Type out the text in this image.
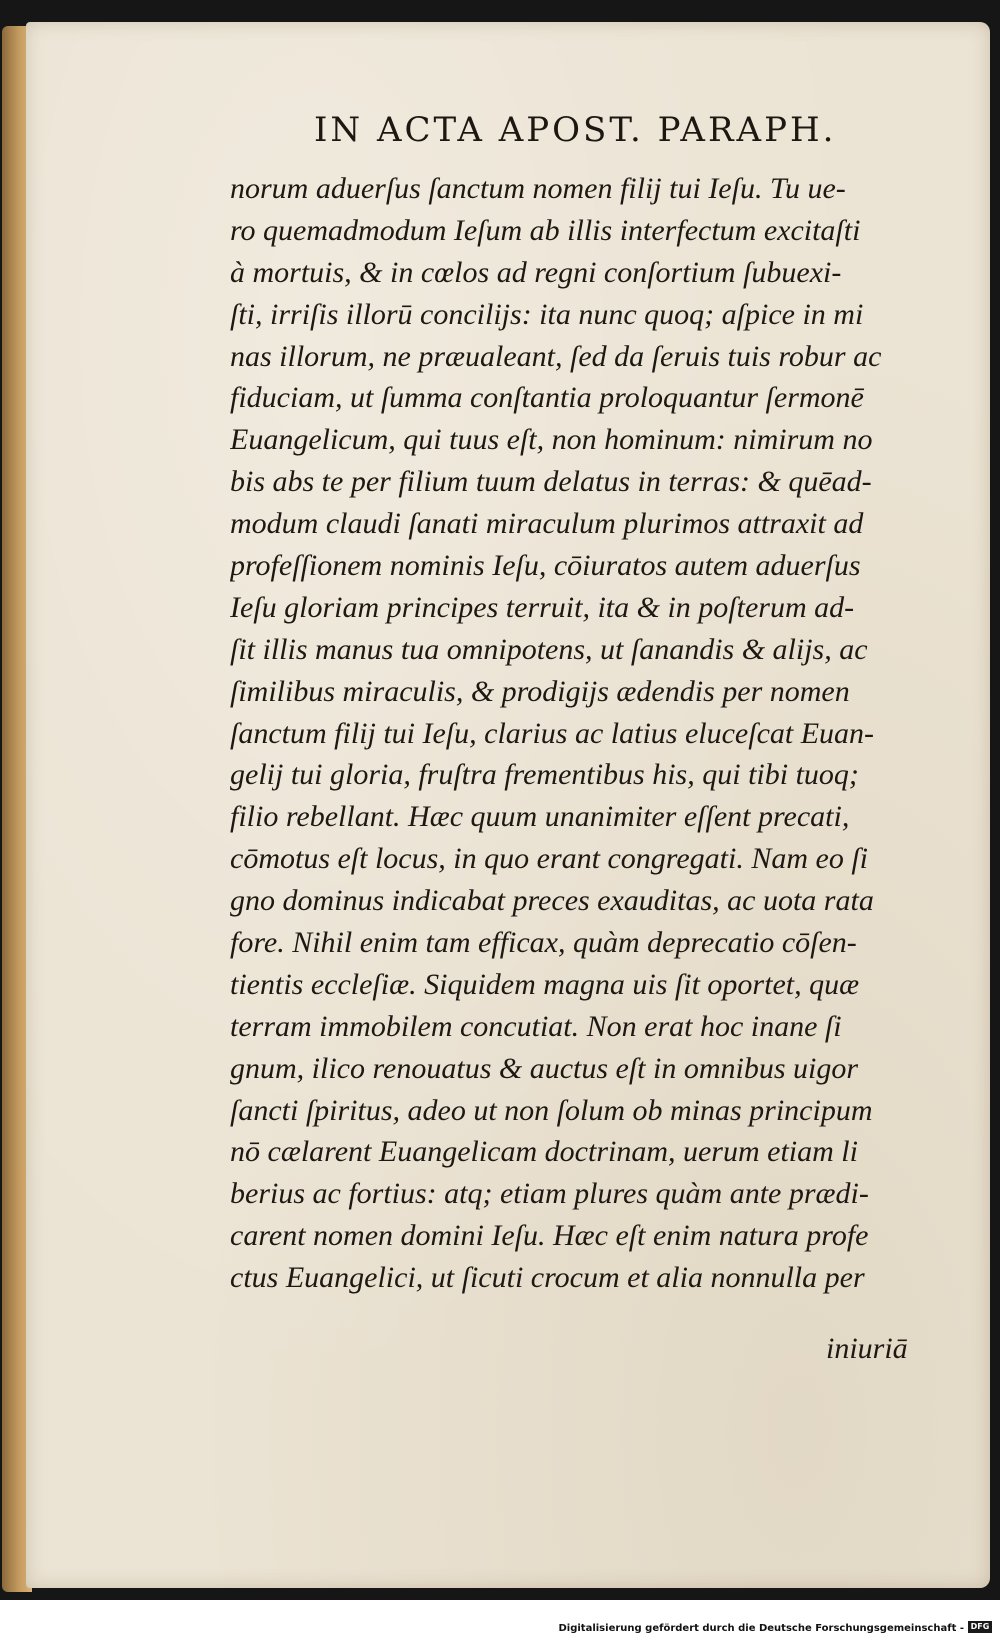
IN ACTA APOST. PARAPH.
norum aduerſus ſanctum nomen filij tui Ieſu. Tu ue-
ro quemadmodum Ieſum ab illis interfectum excitaſti
à mortuis, & in cœlos ad regni conſortium ſubuexi-
ſti, irriſis illorū concilijs: ita nunc quoq; aſpice in mi
nas illorum, ne præualeant, ſed da ſeruis tuis robur ac
fiduciam, ut ſumma conſtantia proloquantur ſermonē
Euangelicum, qui tuus eſt, non hominum: nimirum no
bis abs te per filium tuum delatus in terras: & quēad-
modum claudi ſanati miraculum plurimos attraxit ad
profeſſionem nominis Ieſu, cōiuratos autem aduerſus
Ieſu gloriam principes terruit, ita & in poſterum ad-
ſit illis manus tua omnipotens, ut ſanandis & alijs, ac
ſimilibus miraculis, & prodigijs ædendis per nomen
ſanctum filij tui Ieſu, clarius ac latius eluceſcat Euan-
gelij tui gloria, fruſtra frementibus his, qui tibi tuoq;
filio rebellant. Hæc quum unanimiter eſſent precati,
cōmotus eſt locus, in quo erant congregati. Nam eo ſi
gno dominus indicabat preces exauditas, ac uota rata
fore. Nihil enim tam efficax, quàm deprecatio cōſen-
tientis eccleſiæ. Siquidem magna uis ſit oportet, quæ
terram immobilem concutiat. Non erat hoc inane ſi
gnum, ilico renouatus & auctus eſt in omnibus uigor
ſancti ſpiritus, adeo ut non ſolum ob minas principum
nō cælarent Euangelicam doctrinam, uerum etiam li
berius ac fortius: atq; etiam plures quàm ante prædi-
carent nomen domini Ieſu. Hæc eſt enim natura profe
ctus Euangelici, ut ſicuti crocum et alia nonnulla per
iniuriā
Digitalisierung gefördert durch die Deutsche Forschungsgemeinschaft - DFG
